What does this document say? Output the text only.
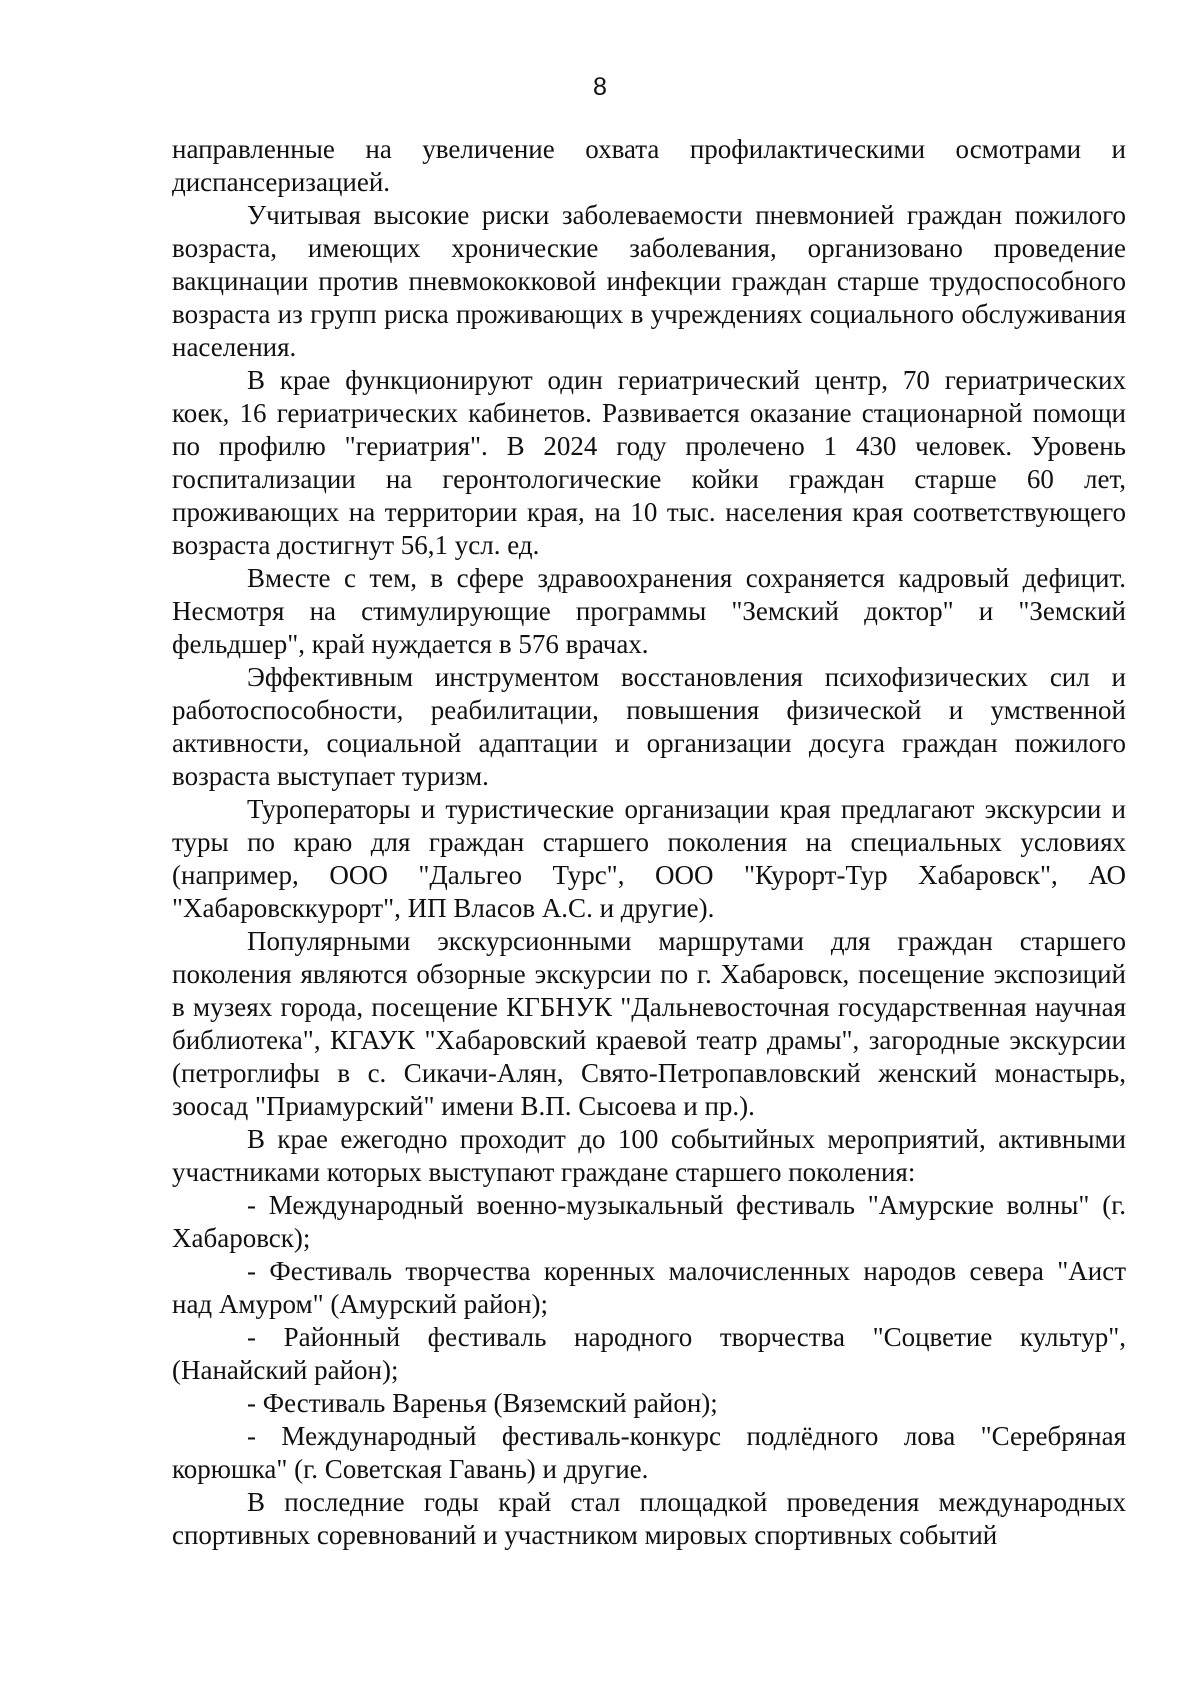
8

направленные на увеличение охвата профилактическими осмотрами и диспансеризацией.

Учитывая высокие риски заболеваемости пневмонией граждан пожилого возраста, имеющих хронические заболевания, организовано проведение вакцинации против пневмококковой инфекции граждан старше трудоспособного возраста из групп риска проживающих в учреждениях социального обслуживания населения.

В крае функционируют один гериатрический центр, 70 гериатрических коек, 16 гериатрических кабинетов. Развивается оказание стационарной помощи по профилю "гериатрия". В 2024 году пролечено 1 430 человек. Уровень госпитализации на геронтологические койки граждан старше 60 лет, проживающих на территории края, на 10 тыс. населения края соответствующего возраста достигнут 56,1 усл. ед.

Вместе с тем, в сфере здравоохранения сохраняется кадровый дефицит. Несмотря на стимулирующие программы "Земский доктор" и "Земский фельдшер", край нуждается в 576 врачах.

Эффективным инструментом восстановления психофизических сил и работоспособности, реабилитации, повышения физической и умственной активности, социальной адаптации и организации досуга граждан пожилого возраста выступает туризм.

Туроператоры и туристические организации края предлагают экскурсии и туры по краю для граждан старшего поколения на специальных условиях (например, ООО "Дальгео Турс", ООО "Курорт-Тур Хабаровск", АО "Хабаровсккурорт", ИП Власов А.С. и другие).

Популярными экскурсионными маршрутами для граждан старшего поколения являются обзорные экскурсии по г. Хабаровск, посещение экспозиций в музеях города, посещение КГБНУК "Дальневосточная государственная научная библиотека", КГАУК "Хабаровский краевой театр драмы", загородные экскурсии (петроглифы в с. Сикачи-Алян, Свято-Петропавловский женский монастырь, зоосад "Приамурский" имени В.П. Сысоева и пр.).

В крае ежегодно проходит до 100 событийных мероприятий, активными участниками которых выступают граждане старшего поколения:

- Международный военно-музыкальный фестиваль "Амурские волны" (г. Хабаровск);

- Фестиваль творчества коренных малочисленных народов севера "Аист над Амуром" (Амурский район);

- Районный фестиваль народного творчества "Соцветие культур", (Нанайский район);

- Фестиваль Варенья (Вяземский район);

- Международный фестиваль-конкурс подлёдного лова "Серебряная корюшка" (г. Советская Гавань) и другие.

В последние годы край стал площадкой проведения международных спортивных соревнований и участником мировых спортивных событий
